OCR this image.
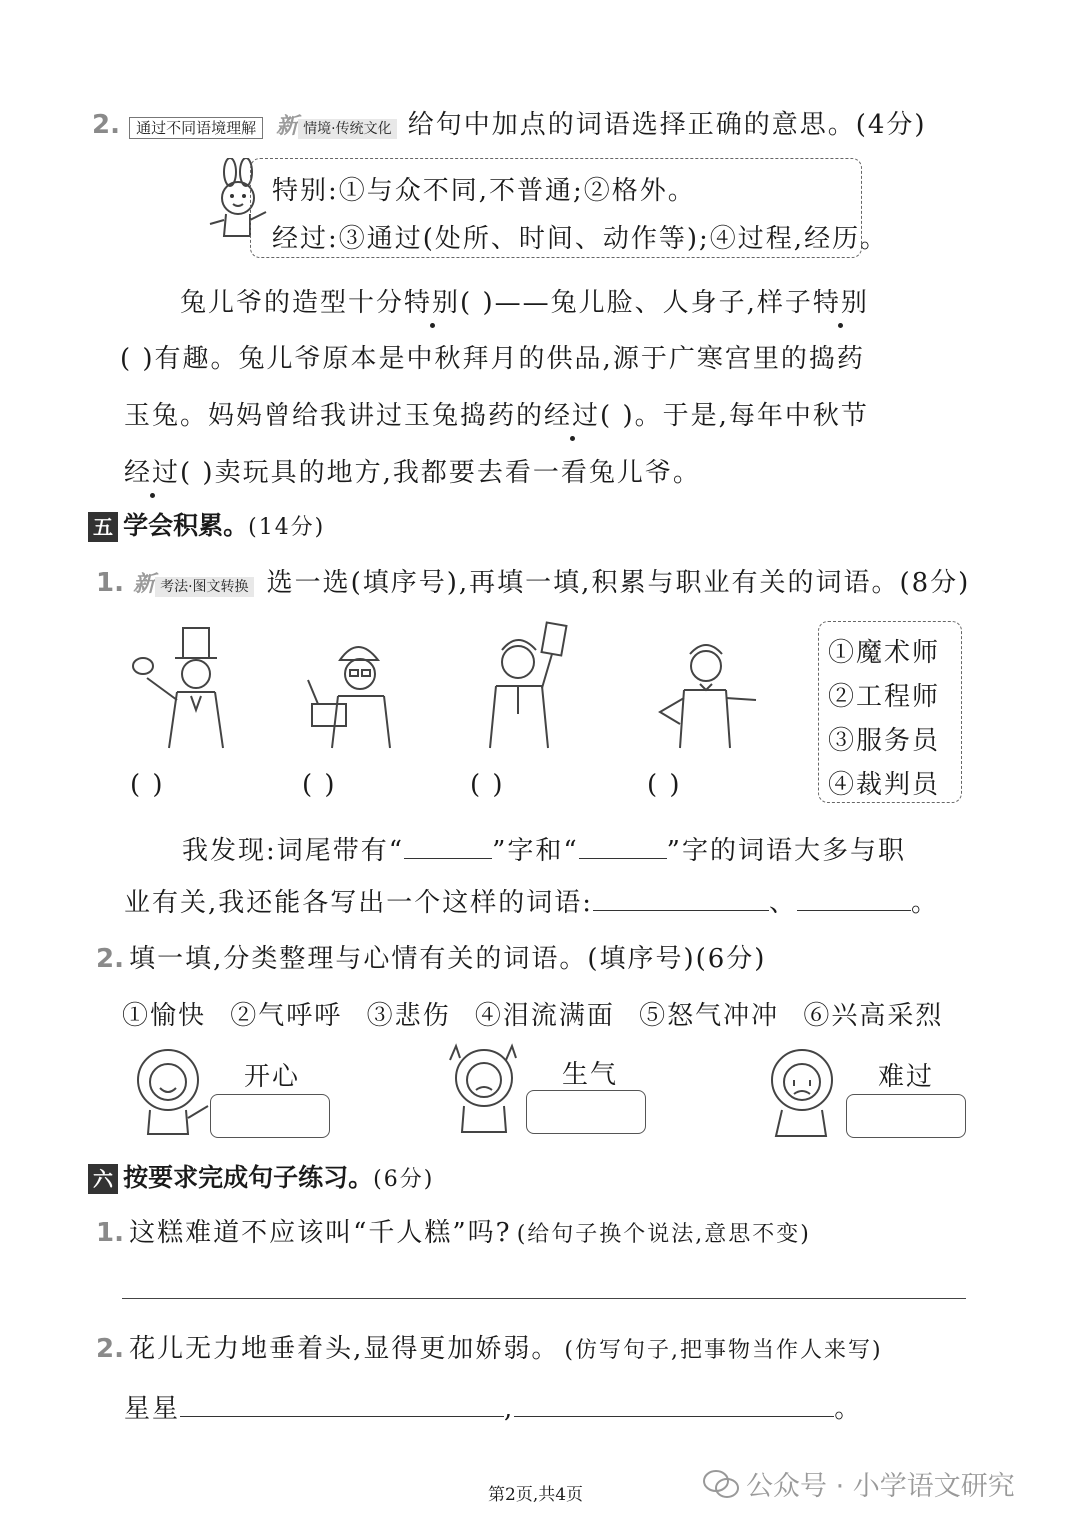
2. 通过不同语境理解 新 情境·传统文化 给句中加点的词语选择正确的意思。(4分)
特别:①与众不同,不普通;②格外。
经过:③通过(处所、时间、动作等);④过程,经历。
兔儿爷的造型十分特别( )——兔儿脸、人身子,样子特别
( )有趣。兔儿爷原本是中秋拜月的供品,源于广寒宫里的捣药
玉兔。妈妈曾给我讲过玉兔捣药的经过( )。于是,每年中秋节
经过( )卖玩具的地方,我都要去看一看兔儿爷。
五 学会积累。(14分)
1. 新 考法·图文转换 选一选(填序号),再填一填,积累与职业有关的词语。(8分)
( )	( )	( )	( )
①魔术师
②工程师
③服务员
④裁判员
我发现:词尾带有“	”字和“	”字的词语大多与职
业有关,我还能各写出一个这样的词语:	、	。
2. 填一填,分类整理与心情有关的词语。(填序号)(6分)
①愉快 ②气呼呼 ③悲伤 ④泪流满面 ⑤怒气冲冲 ⑥兴高采烈
开心	生气	难过
六 按要求完成句子练习。(6分)
1. 这糕难道不应该叫“千人糕”吗? (给句子换个说法,意思不变)
2. 花儿无力地垂着头,显得更加娇弱。 (仿写句子,把事物当作人来写)
星星	,	。
第2页,共4页	公众号 · 小学语文研究
